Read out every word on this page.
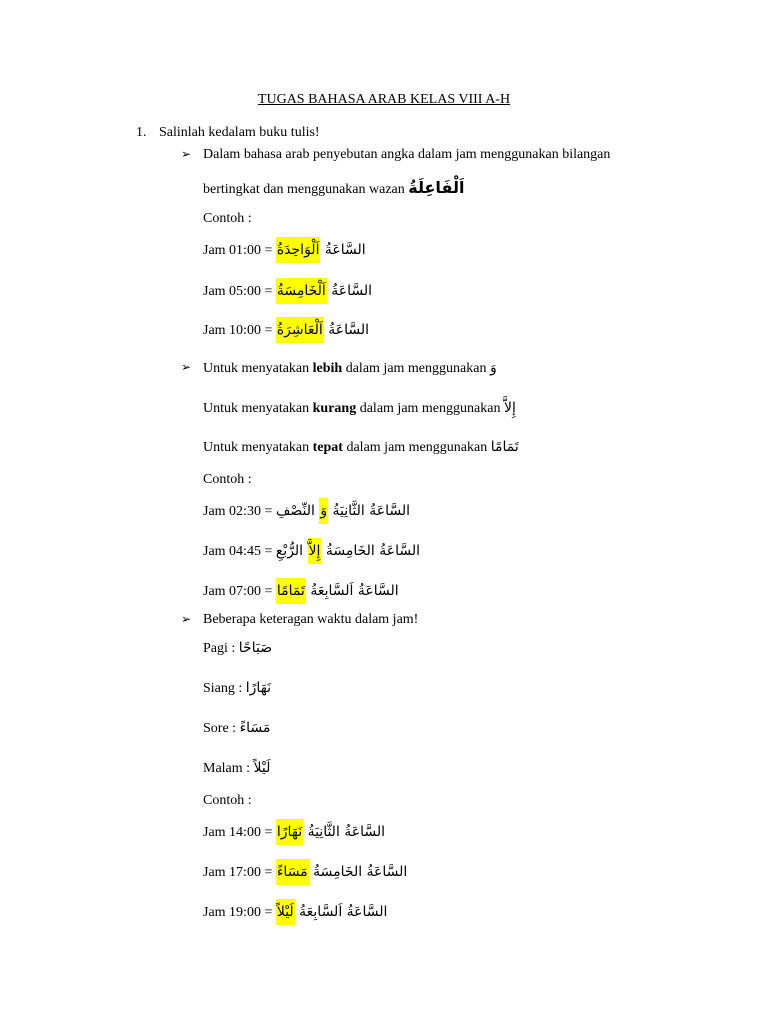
TUGAS BAHASA ARAB KELAS VIII A-H
1. Salinlah kedalam buku tulis!
➢ Dalam bahasa arab penyebutan angka dalam jam menggunakan bilangan
bertingkat dan menggunakan wazan اَلْفَاعِلَةُ
Contoh :
Jam 01:00 =	السَّاعَةُ اَلْوَاحِدَةُ
Jam 05:00 =	السَّاعَةُ اَلْخَامِسَةُ
Jam 10:00 =	السَّاعَةُ اَلْعَاشِرَةُ
➢ Untuk menyatakan lebih dalam jam menggunakan وَ
Untuk menyatakan kurang dalam jam menggunakan إِلاَّ
Untuk menyatakan tepat dalam jam menggunakan تَمَامًا
Contoh :
Jam 02:30 =	السَّاعَةُ الثَّانِيَةُ وَ النِّصْفِ
Jam 04:45 =	السَّاعَةُ الخَامِسَةُ إِلاَّ الرُّبْعِ
Jam 07:00 =	السَّاعَةُ اَلسَّابِعَةُ تَمَامًا
➢ Beberapa keteragan waktu dalam jam!
Pagi : صَبَاحًا
Siang : نَهَارًا
Sore : مَسَاءً
Malam : لَيْلاً
Contoh :
Jam 14:00 =	السَّاعَةُ الثَّانِيَةُ نَهَارًا
Jam 17:00 =	السَّاعَةُ الخَامِسَةُ مَسَاءً
Jam 19:00 = السَّاعَةُ اَلسَّابِعَةُ لَيْلاً
